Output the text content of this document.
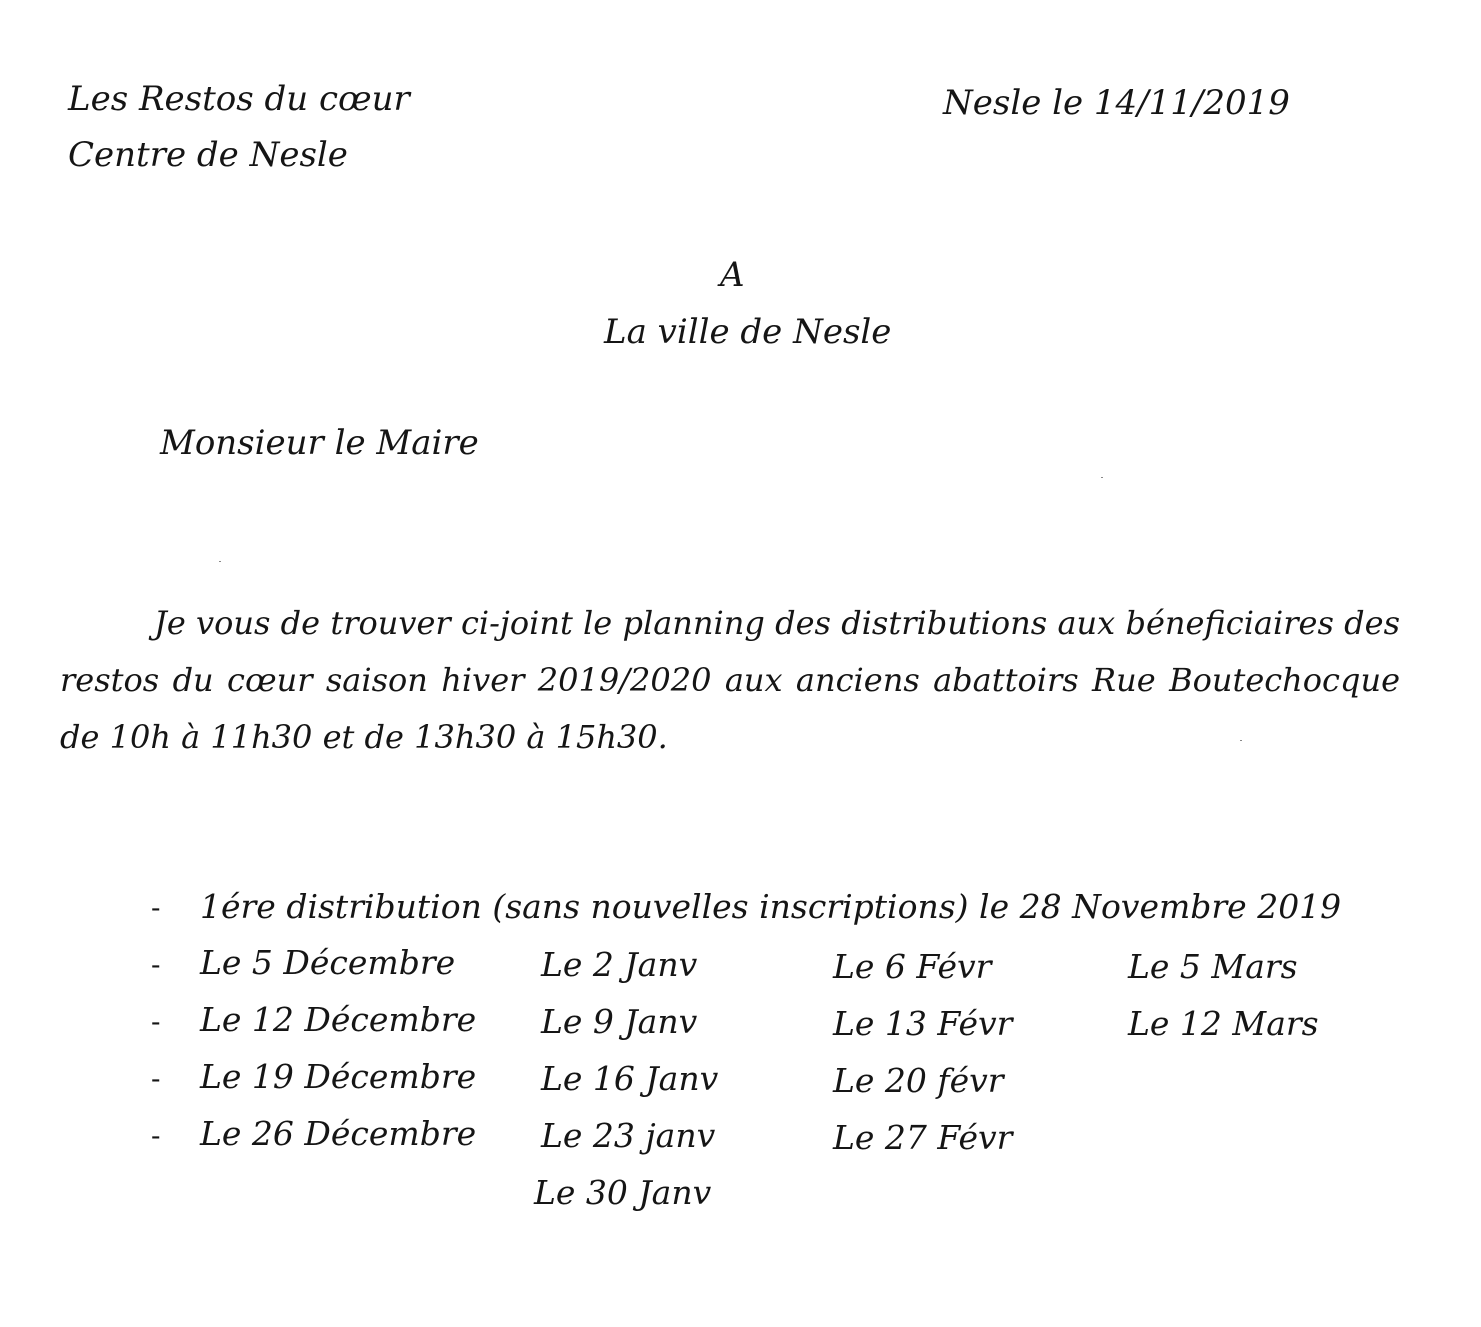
Les Restos du cœur
Centre de Nesle
Nesle le 14/11/2019
A
La ville de Nesle
Monsieur le Maire

Je vous de trouver ci-joint le planning des distributions aux béneficiaires des restos du cœur saison hiver 2019/2020 aux anciens abattoirs Rue Boutechocque de 10h à 11h30 et de 13h30 à 15h30.

-
-
-
-
-
1ére distribution (sans nouvelles inscriptions) le 28 Novembre 2019
Le 5 Décembre
Le 12 Décembre
Le 19 Décembre
Le 26 Décembre
Le 2 Janv
Le 9 Janv
Le 16 Janv
Le 23 janv
Le 30 Janv
Le 6 Févr
Le 13 Févr
Le 20 févr
Le 27 Févr
Le 5 Mars
Le 12 Mars
